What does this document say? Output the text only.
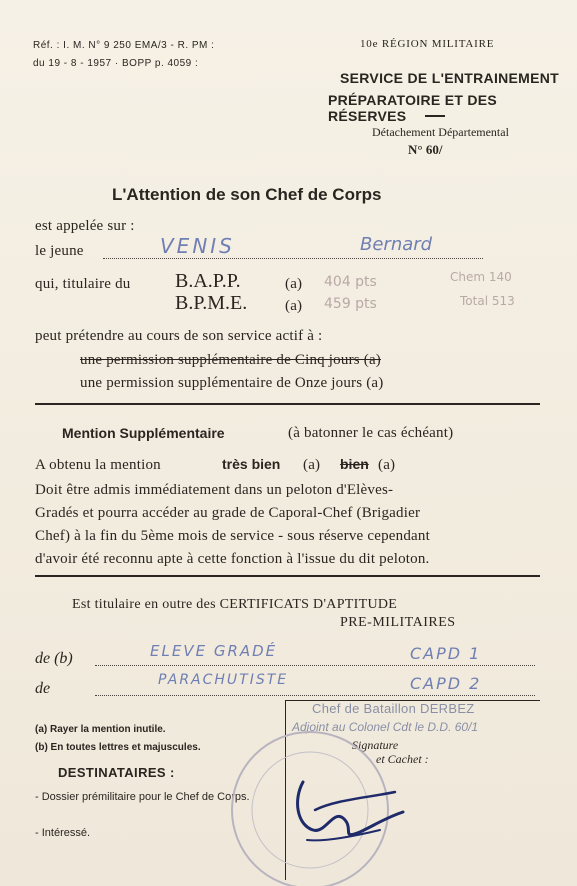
Réf. : I. M. N° 9 250 EMA/3 - R. PM :
du 19 - 8 - 1957 · BOPP p. 4059 :
10e RÉGION MILITAIRE
SERVICE DE L'ENTRAINEMENT
PRÉPARATOIRE ET DES RÉSERVES
Détachement Départemental
N° 60/
L'Attention de son Chef de Corps
est appelée sur :
le jeune	VENIS	Bernard
qui, titulaire du B.A.P.P.	(a) 404 pts	Chem 140
B.P.M.E.	(a) 459 pts	Total 513
peut prétendre au cours de son service actif à :
une permission supplémentaire de Cinq jours (a)
une permission supplémentaire de Onze jours (a)
Mention Supplémentaire	(à batonner le cas échéant)
A obtenu la mention	très bien (a) bien (a)
Doit être admis immédiatement dans un peloton d'Elèves-
Gradés et pourra accéder au grade de Caporal-Chef (Brigadier
Chef) à la fin du 5ème mois de service - sous réserve cependant
d'avoir été reconnu apte à cette fonction à l'issue du dit peloton.
Est titulaire en outre des CERTIFICATS D'APTITUDE
PRE-MILITAIRES
de (b)	ELEVE GRADÉ	CAPD 1
de	PARACHUTISTE	CAPD 2
(a) Rayer la mention inutile.
(b) En toutes lettres et majuscules.
DESTINATAIRES :
- Dossier prémilitaire pour le Chef de Corps.
- Intéressé.
Chef de Bataillon DERBEZ
Adjoint au Colonel Cdt le D.D. 60/1
Signature
et Cachet :
